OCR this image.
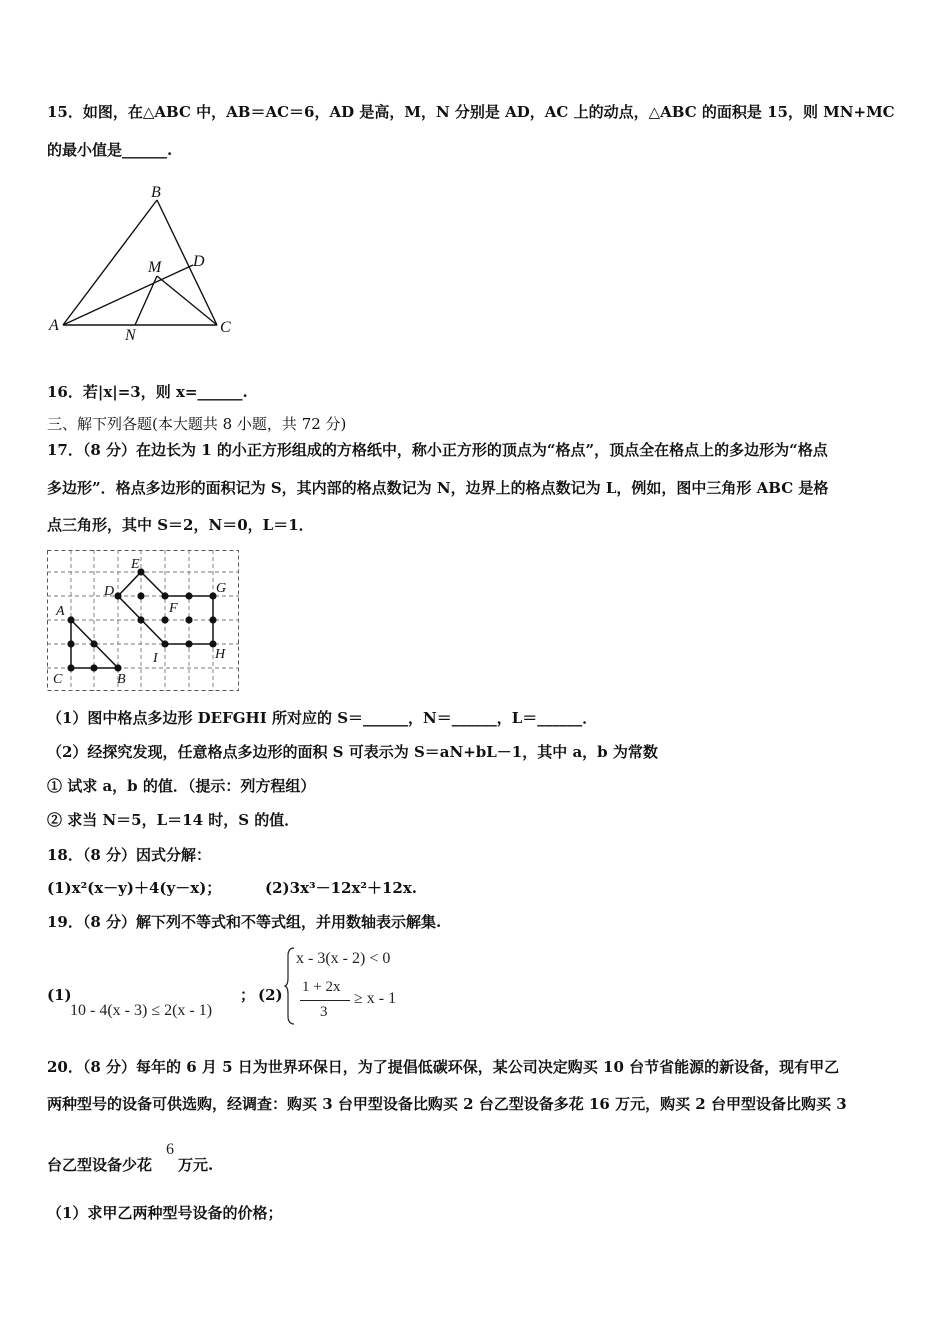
15．如图，在△ABC 中，AB＝AC＝6，AD 是高，M，N 分别是 AD，AC 上的动点，△ABC 的面积是 15，则 MN+MC
的最小值是______.
B
A	C
D
M
N
16．若|x|=3，则 x=______.
三、解下列各题(本大题共 8 小题，共 72 分)
17．（8 分）在边长为 1 的小正方形组成的方格纸中，称小正方形的顶点为“格点”，顶点全在格点上的多边形为“格点
多边形”．格点多边形的面积记为 S，其内部的格点数记为 N，边界上的格点数记为 L，例如，图中三角形 ABC 是格
点三角形，其中 S＝2，N＝0，L＝1．
E
D	G
A	F
I	H
C	B
（1）图中格点多边形 DEFGHI 所对应的 S＝______，N＝______，L＝______．
（2）经探究发现，任意格点多边形的面积 S 可表示为 S＝aN+bL－1，其中 a，b 为常数
① 试求 a，b 的值．（提示：列方程组）
② 求当 N＝5，L＝14 时，S 的值．
18．（8 分）因式分解：
(1)x²(x－y)＋4(y－x)；	(2)3x³－12x²＋12x.
19．（8 分）解下列不等式和不等式组，并用数轴表示解集.
(1)
10 - 4(x - 3) ≤ 2(x - 1)
； (2)
x - 3(x - 2) < 0
1 + 2x
3
≥ x - 1
20．（8 分）每年的 6 月 5 日为世界环保日，为了提倡低碳环保，某公司决定购买 10 台节省能源的新设备，现有甲乙
两种型号的设备可供选购，经调查：购买 3 台甲型设备比购买 2 台乙型设备多花 16 万元，购买 2 台甲型设备比购买 3
台乙型设备少花
6
万元.
（1）求甲乙两种型号设备的价格；
